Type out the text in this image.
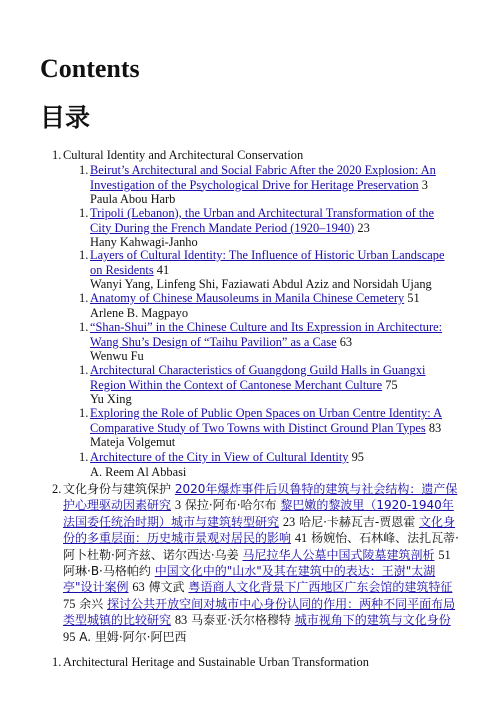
Contents
目录
1. Cultural Identity and Architectural Conservation
1. Beirut’s Architectural and Social Fabric After the 2020 Explosion: An
Investigation of the Psychological Drive for Heritage Preservation 3
Paula Abou Harb
1. Tripoli (Lebanon), the Urban and Architectural Transformation of the
City During the French Mandate Period (1920–1940) 23
Hany Kahwagi-Janho
1. Layers of Cultural Identity: The Influence of Historic Urban Landscape
on Residents 41
Wanyi Yang, Linfeng Shi, Faziawati Abdul Aziz and Norsidah Ujang
1. Anatomy of Chinese Mausoleums in Manila Chinese Cemetery 51
Arlene B. Magpayo
1. “Shan-Shui” in the Chinese Culture and Its Expression in Architecture:
Wang Shu’s Design of “Taihu Pavilion” as a Case 63
Wenwu Fu
1. Architectural Characteristics of Guangdong Guild Halls in Guangxi
Region Within the Context of Cantonese Merchant Culture 75
Yu Xing
1. Exploring the Role of Public Open Spaces on Urban Centre Identity: A
Comparative Study of Two Towns with Distinct Ground Plan Types 83
Mateja Volgemut
1. Architecture of the City in View of Cultural Identity 95
A. Reem Al Abbasi
2. 文化身份与建筑保护 2020年爆炸事件后贝鲁特的建筑与社会结构：遗产保护心理驱动因素研究 3 保拉·阿布·哈尔布 黎巴嫩的黎波里（1920-1940年法国委任统治时期）城市与建筑转型研究 23 哈尼·卡赫瓦吉-贾恩霍 文化身份的多重层面：历史城市景观对居民的影响 41 杨婉怡、石林峰、法扎瓦蒂·阿卜杜勒·阿齐兹、诺尔西达·乌姜 马尼拉华人公墓中国式陵墓建筑剖析 51 阿琳·B·马格帕约 中国文化中的"山水"及其在建筑中的表达：王澍"太湖亭"设计案例 63 傅文武 粤语商人文化背景下广西地区广东会馆的建筑特征 75 余兴 探讨公共开放空间对城市中心身份认同的作用：两种不同平面布局类型城镇的比较研究 83 马泰亚·沃尔格穆特 城市视角下的建筑与文化身份 95 A. 里姆·阿尔·阿巴西
1. Architectural Heritage and Sustainable Urban Transformation
